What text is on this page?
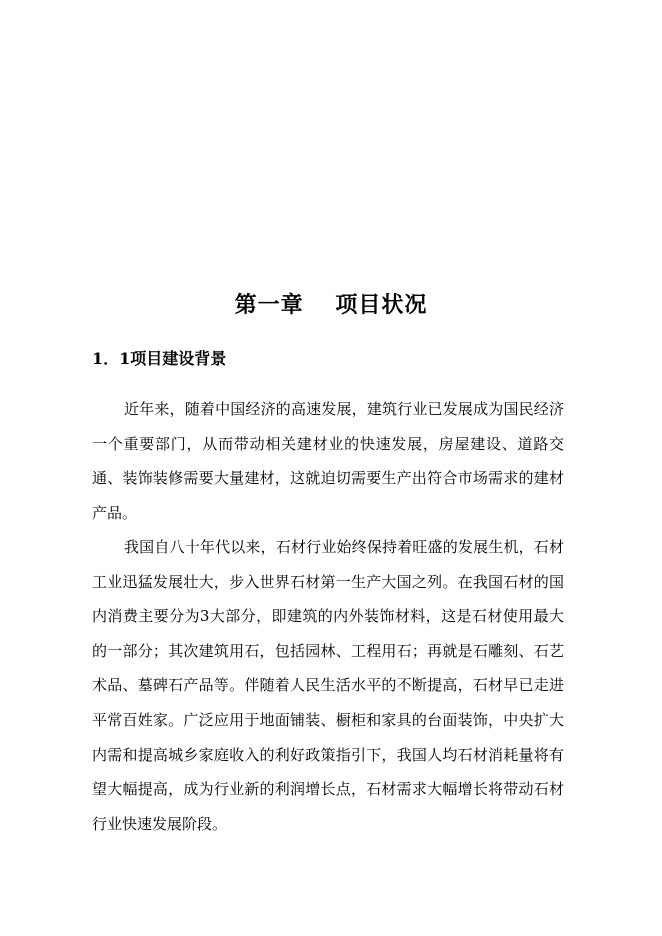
第一章　 项目状况
1．1项目建设背景

近年来，随着中国经济的高速发展，建筑行业已发展成为国民经济一个重要部门，从而带动相关建材业的快速发展，房屋建设、道路交通、装饰装修需要大量建材，这就迫切需要生产出符合市场需求的建材产品。

我国自八十年代以来，石材行业始终保持着旺盛的发展生机，石材工业迅猛发展壮大，步入世界石材第一生产大国之列。在我国石材的国内消费主要分为3大部分，即建筑的内外装饰材料，这是石材使用最大的一部分；其次建筑用石，包括园林、工程用石；再就是石雕刻、石艺术品、墓碑石产品等。伴随着人民生活水平的不断提高，石材早已走进平常百姓家。广泛应用于地面铺装、橱柜和家具的台面装饰，中央扩大内需和提高城乡家庭收入的利好政策指引下，我国人均石材消耗量将有望大幅提高，成为行业新的利润增长点，石材需求大幅增长将带动石材行业快速发展阶段。
